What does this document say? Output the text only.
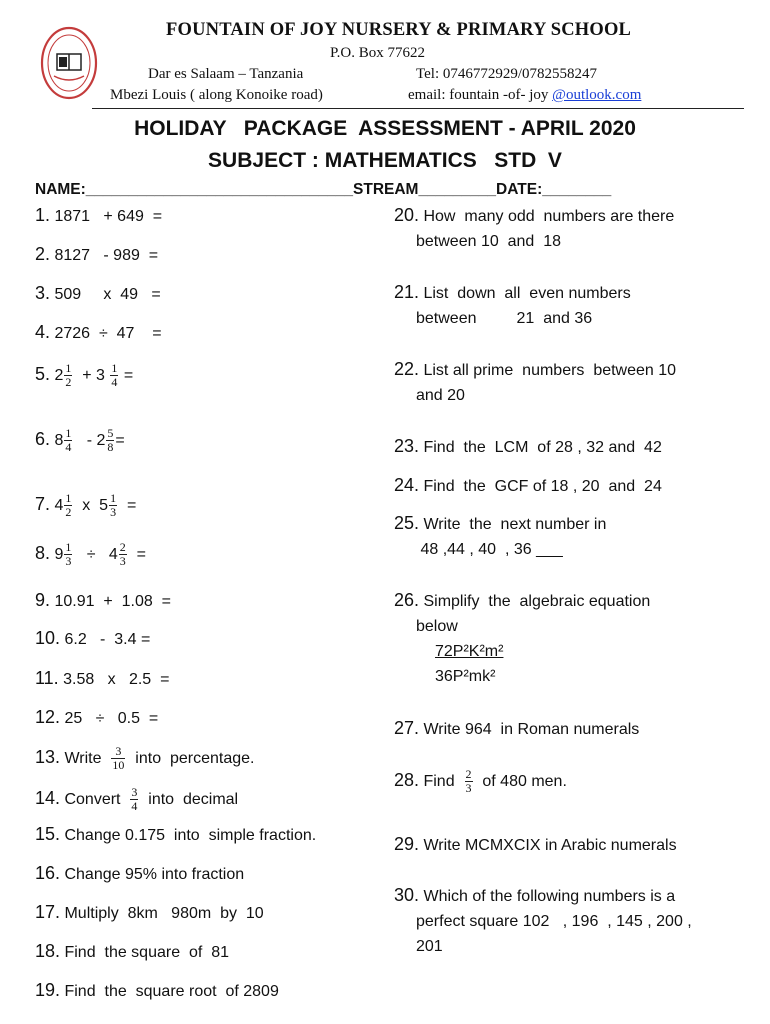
FOUNTAIN OF JOY NURSERY & PRIMARY SCHOOL
P.O. Box 77622
Dar es Salaam – Tanzania	Tel: 0746772929/0782558247
Mbezi Louis ( along Konoike road)	email: fountain -of- joy @outlook.com
HOLIDAY   PACKAGE  ASSESSMENT - APRIL 2020
SUBJECT : MATHEMATICS   STD  V
NAME:_______________________________STREAM_________DATE:________
1. 1871   + 649  =
2. 8127   - 989  =
3. 509     x  49   =
4. 2726  ÷  47    =
5. $2 \frac{1}{2} + 3 \frac{1}{4}$ =
6. $8 \frac{1}{4} - 2 \frac{5}{8}$ =
7. $4 \frac{1}{2}$ x  $5 \frac{1}{3}$ =
8. $9 \frac{1}{3} \div 4 \frac{2}{3}$ =
9. 10.91  +  1.08  =
10. 6.2   -  3.4 =
11. 3.58   x   2.5  =
12. 25   ÷   0.5  =
13. Write $\frac{3}{10}$ into  percentage.
14. Convert $\frac{3}{4}$ into  decimal
15. Change 0.175  into  simple fraction.
16. Change 95% into fraction
17. Multiply  8km   980m  by  10
18. Find  the square  of  81
19. Find  the  square root  of 2809
20. How  many odd  numbers are there
between 10  and  18
21. List  down  all  even numbers
between         21  and 36
22. List all prime  numbers  between 10
and 20
23. Find  the  LCM  of 28 , 32 and  42
24. Find  the  GCF of 18 , 20  and  24
25. Write  the  next number in
48 ,44 , 40  , 36 ___
26. Simplify  the  algebraic equation
below
72P²K²m²
36P²mk²
27. Write 964  in Roman numerals
28. Find $\frac{2}{3}$ of 480 men.
29. Write MCMXCIX in Arabic numerals
30. Which of the following numbers is a
perfect square 102   , 196  , 145 , 200 ,
201
